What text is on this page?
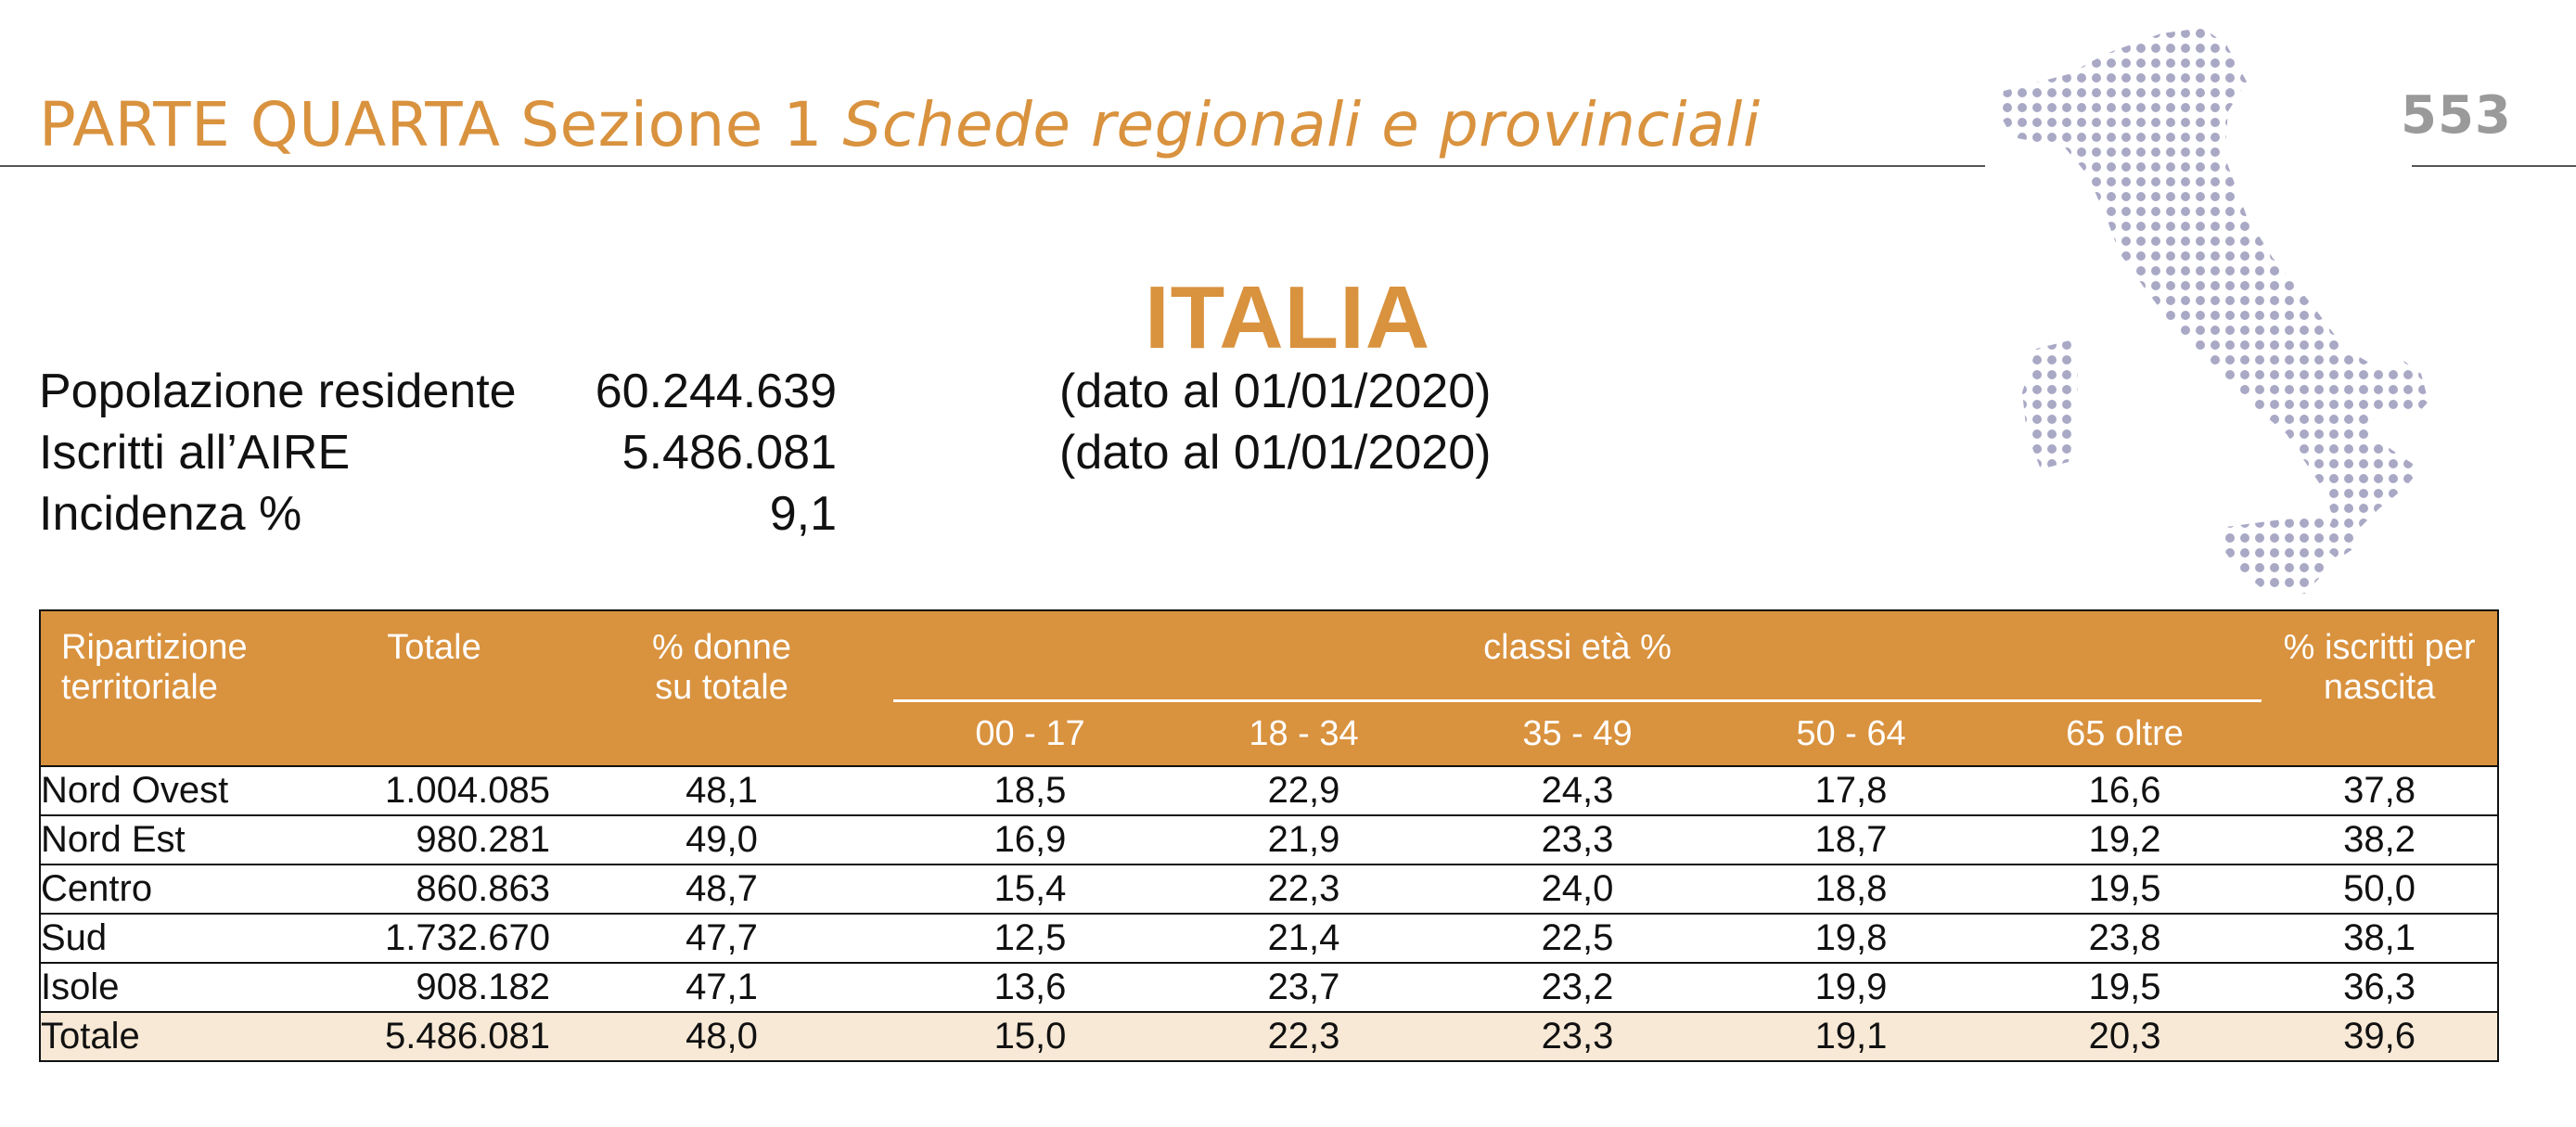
PARTE QUARTA Sezione 1 Schede regionali e provinciali	553
ITALIA
Popolazione residente	60.244.639	(dato al 01/01/2020)
Iscritti all’AIRE	5.486.081	(dato al 01/01/2020)
Incidenza %	9,1
Ripartizione territoriale	Totale	% donne su totale	classi età %					% iscritti per nascita
			00 - 17	18 - 34	35 - 49	50 - 64	65 oltre	
Nord Ovest	1.004.085	48,1	18,5	22,9	24,3	17,8	16,6	37,8
Nord Est	980.281	49,0	16,9	21,9	23,3	18,7	19,2	38,2
Centro	860.863	48,7	15,4	22,3	24,0	18,8	19,5	50,0
Sud	1.732.670	47,7	12,5	21,4	22,5	19,8	23,8	38,1
Isole	908.182	47,1	13,6	23,7	23,2	19,9	19,5	36,3
Totale	5.486.081	48,0	15,0	22,3	23,3	19,1	20,3	39,6
